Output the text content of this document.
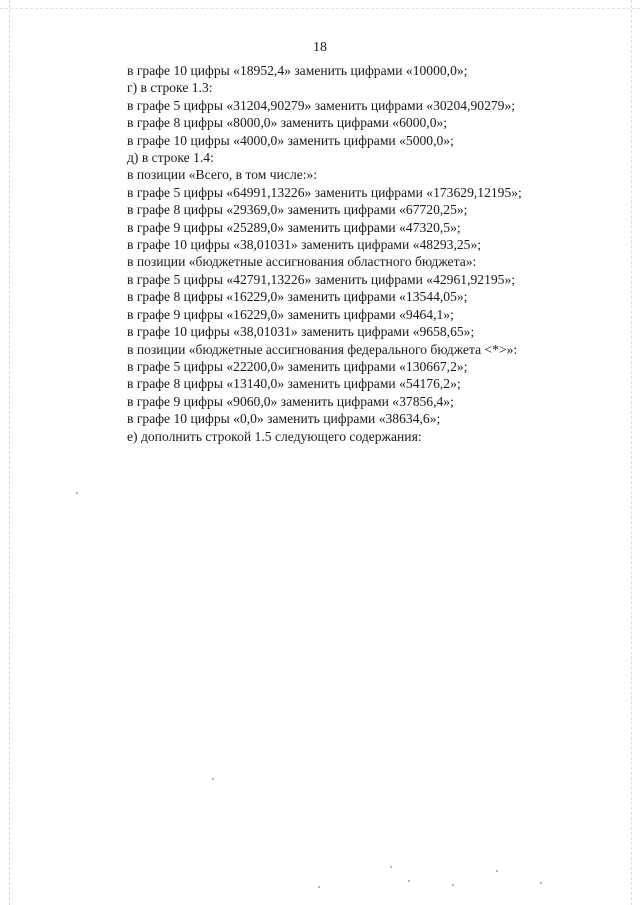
18
в графе 10 цифры «18952,4» заменить цифрами «10000,0»;
г) в строке 1.3:
в графе 5 цифры «31204,90279» заменить цифрами «30204,90279»;
в графе 8 цифры «8000,0» заменить цифрами «6000,0»;
в графе 10 цифры «4000,0» заменить цифрами «5000,0»;
д) в строке 1.4:
в позиции «Всего, в том числе:»:
в графе 5 цифры «64991,13226» заменить цифрами «173629,12195»;
в графе 8 цифры «29369,0» заменить цифрами «67720,25»;
в графе 9 цифры «25289,0» заменить цифрами «47320,5»;
в графе 10 цифры «38,01031» заменить цифрами «48293,25»;
в позиции «бюджетные ассигнования областного бюджета»:
в графе 5 цифры «42791,13226» заменить цифрами «42961,92195»;
в графе 8 цифры «16229,0» заменить цифрами «13544,05»;
в графе 9 цифры «16229,0» заменить цифрами «9464,1»;
в графе 10 цифры «38,01031» заменить цифрами «9658,65»;
в позиции «бюджетные ассигнования федерального бюджета <*>»:
в графе 5 цифры «22200,0» заменить цифрами «130667,2»;
в графе 8 цифры «13140,0» заменить цифрами «54176,2»;
в графе 9 цифры «9060,0» заменить цифрами «37856,4»;
в графе 10 цифры «0,0» заменить цифрами «38634,6»;
е) дополнить строкой 1.5 следующего содержания:
